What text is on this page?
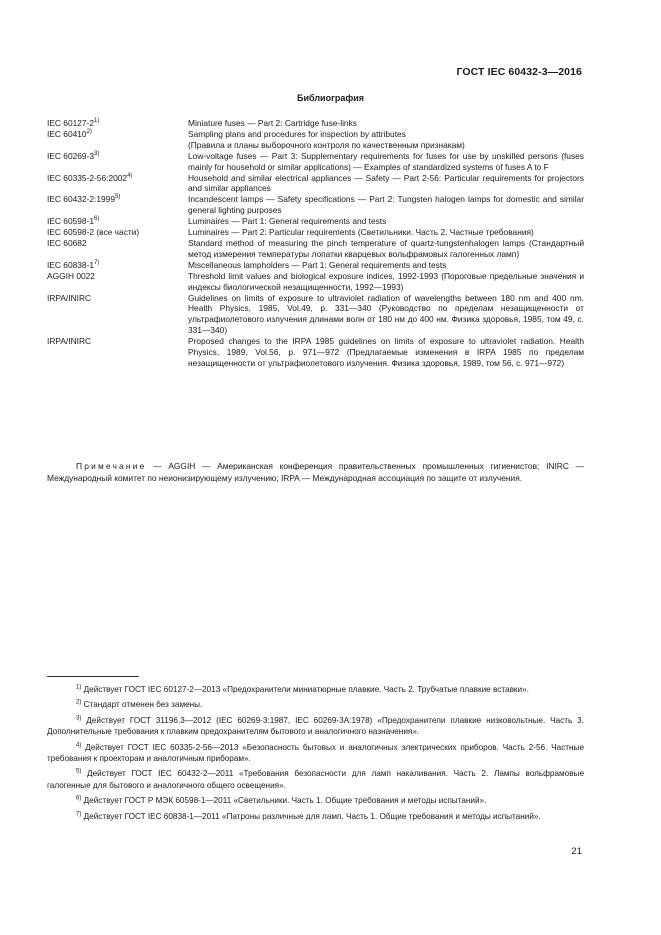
ГОСТ IEC 60432-3—2016
Библиография
IEC 60127-2$^{1)}$	Miniature fuses — Part 2: Cartridge fuse-links
IEC 60410$^{2)}$	Sampling plans and procedures for inspection by attributes
(Правила и планы выборочного контроля по качественным признакам)
IEC 60269-3$^{3)}$	Low-voltage fuses — Part 3: Supplementary requirements for fuses for use by unskilled persons (fuses mainly for household or similar applications) — Examples of standardized systems of fuses A to F
IEC 60335-2-56:2002$^{4)}$	Household and similar electrical appliances — Safety — Part 2-56: Particular requirements for projectors and similar appliances
IEC 60432-2:1999$^{5)}$	Incandescent lamps — Safety specifications — Part 2: Tungsten halogen lamps for domestic and similar general lighting purposes
IEC 60598-1$^{6)}$	Luminaires — Part 1: General requirements and tests
IEC 60598-2 (все части)	Luminaires — Part 2: Particular requirements (Светильники. Часть 2. Частные требования)
IEC 60682	Standard method of measuring the pinch temperature of quartz-tungstenhalogen lamps (Стандартный метод измерения температуры лопатки кварцевых вольфрамовых галогенных ламп)
IEC 60838-1$^{7)}$	Miscellaneous lampholders — Part 1: General requirements and tests
AGGIH 0022	Threshold limit values and biological exposure indices, 1992-1993 (Пороговые предельные значения и индексы биологической незащищенности, 1992—1993)
IRPA/INIRC	Guidelines on limits of exposure to ultraviolet radiation of wavelengths between 180 nm and 400 nm. Health Physics, 1985, Vol.49, p. 331—340 (Руководство по пределам незащищенности от ультрафиолетового излучения длинами волн от 180 нм до 400 нм. Физика здоровья, 1985, том 49, с. 331—340)
IRPA/INIRC	Proposed changes to the IRPA 1985 guidelines on limits of exposure to ultraviolet radiation. Health Physics, 1989, Vol.56, p. 971—972 (Предлагаемые изменения в IRPA 1985 по пределам незащищенности от ультрафиолетового излучения. Физика здоровья, 1989, том 56, с. 971—972)
Примечание — AGGIH — Американская конференция правительственных промышленных гигиенистов; INIRC — Международный комитет по неионизирующему излучению; IRPA — Международная ассоциация по защите от излучения.
$^{1)}$ Действует ГОСТ IEC 60127-2—2013 «Предохранители миниатюрные плавкие. Часть 2. Трубчатые плавкие вставки».
$^{2)}$ Стандарт отменен без замены.
$^{3)}$ Действует ГОСТ 31196.3—2012 (IEC 60269-3:1987, IEC 60269-3A:1978) «Предохранители плавкие низковольтные. Часть 3. Дополнительные требования к плавким предохранителям бытового и аналогичного назначения».
$^{4)}$ Действует ГОСТ IEC 60335-2-56—2013 «Безопасность бытовых и аналогичных электрических приборов. Часть 2-56. Частные требования к проекторам и аналогичным приборам».
$^{5)}$ Действует ГОСТ IEC 60432-2—2011 «Требования безопасности для ламп накаливания. Часть 2. Лампы вольфрамовые галогенные для бытового и аналогичного общего освещения».
$^{6)}$ Действует ГОСТ Р МЭК 60598-1—2011 «Светильники. Часть 1. Общие требования и методы испытаний».
$^{7)}$ Действует ГОСТ IEC 60838-1—2011 «Патроны различные для ламп. Часть 1. Общие требования и методы испытаний».
21
